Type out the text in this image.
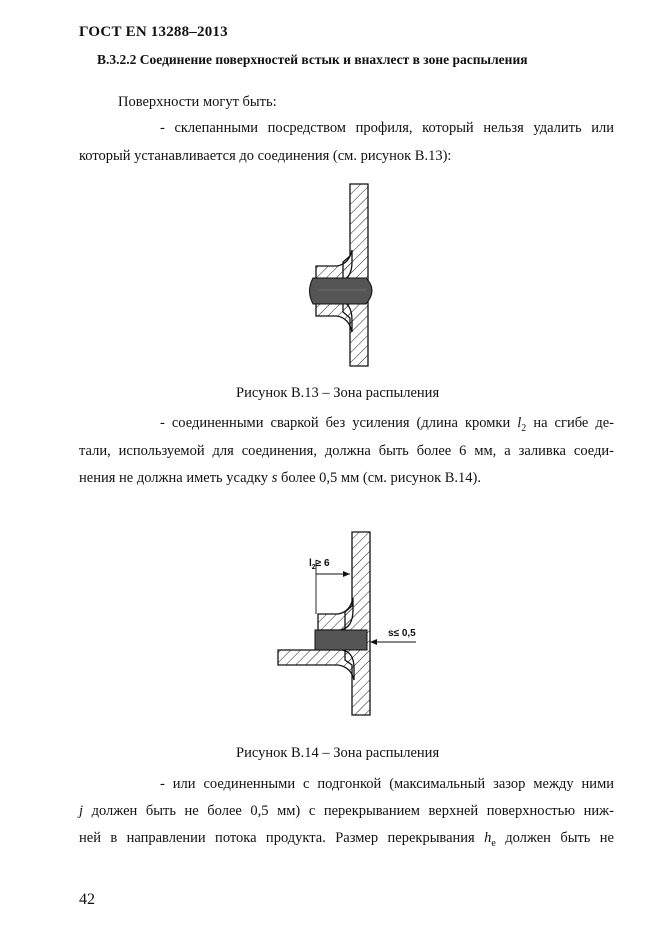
ГОСТ EN 13288–2013
B.3.2.2 Соединение поверхностей встык и внахлест в зоне распыления
Поверхности могут быть:
- склепанными посредством профиля, который нельзя удалить или
который устанавливается до соединения (см. рисунок B.13):
Рисунок B.13 – Зона распыления
- соединенными сваркой без усиления (длина кромки $l_2$ на сгибе де-
тали, используемой для соединения, должна быть более 6 мм, а заливка соеди-
нения не должна иметь усадку s более 0,5 мм (см. рисунок B.14).
$l_2\ge 6$
s≤ 0,5
Рисунок B.14 – Зона распыления
- или соединенными с подгонкой (максимальный зазор между ними
j должен быть не более 0,5 мм) с перекрыванием верхней поверхностью ниж-
ней в направлении потока продукта. Размер перекрывания $h_e$ должен быть не
42
